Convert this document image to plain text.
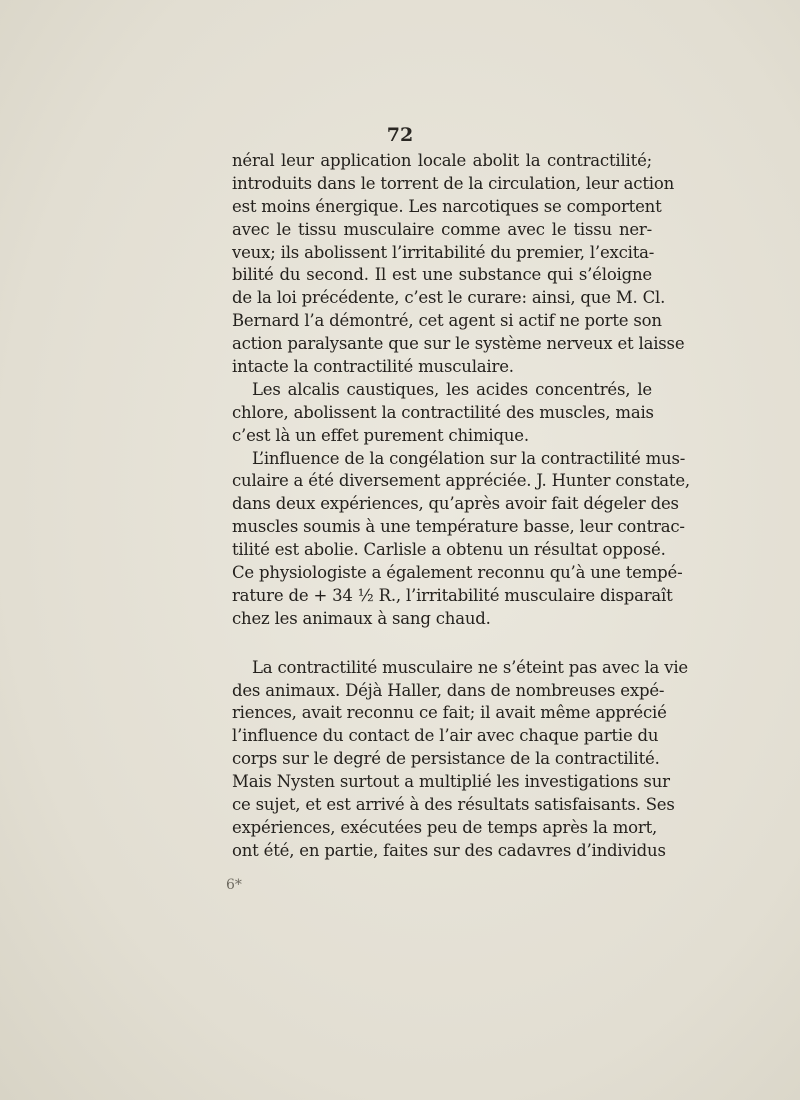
72
néral leur application locale abolit la contractilité;
introduits dans le torrent de la circulation, leur action
est moins énergique. Les narcotiques se comportent
avec le tissu musculaire comme avec le tissu ner-
veux; ils abolissent l’irritabilité du premier, l’excita-
bilité du second. Il est une substance qui s’éloigne
de la loi précédente, c’est le curare: ainsi, que M. Cl.
Bernard l’a démontré, cet agent si actif ne porte son
action paralysante que sur le système nerveux et laisse
intacte la contractilité musculaire.
Les alcalis caustiques, les acides concentrés, le
chlore, abolissent la contractilité des muscles, mais
c’est là un effet purement chimique.
L’influence de la congélation sur la contractilité mus-
culaire a été diversement appréciée. J. Hunter constate,
dans deux expériences, qu’après avoir fait dégeler des
muscles soumis à une température basse, leur contrac-
tilité est abolie. Carlisle a obtenu un résultat opposé.
Ce physiologiste a également reconnu qu’à une tempé-
rature de + 34 ½ R., l’irritabilité musculaire disparaît
chez les animaux à sang chaud.
La contractilité musculaire ne s’éteint pas avec la vie
des animaux. Déjà Haller, dans de nombreuses expé-
riences, avait reconnu ce fait; il avait même apprécié
l’influence du contact de l’air avec chaque partie du
corps sur le degré de persistance de la contractilité.
Mais Nysten surtout a multiplié les investigations sur
ce sujet, et est arrivé à des résultats satisfaisants. Ses
expériences, exécutées peu de temps après la mort,
ont été, en partie, faites sur des cadavres d’individus
6*
